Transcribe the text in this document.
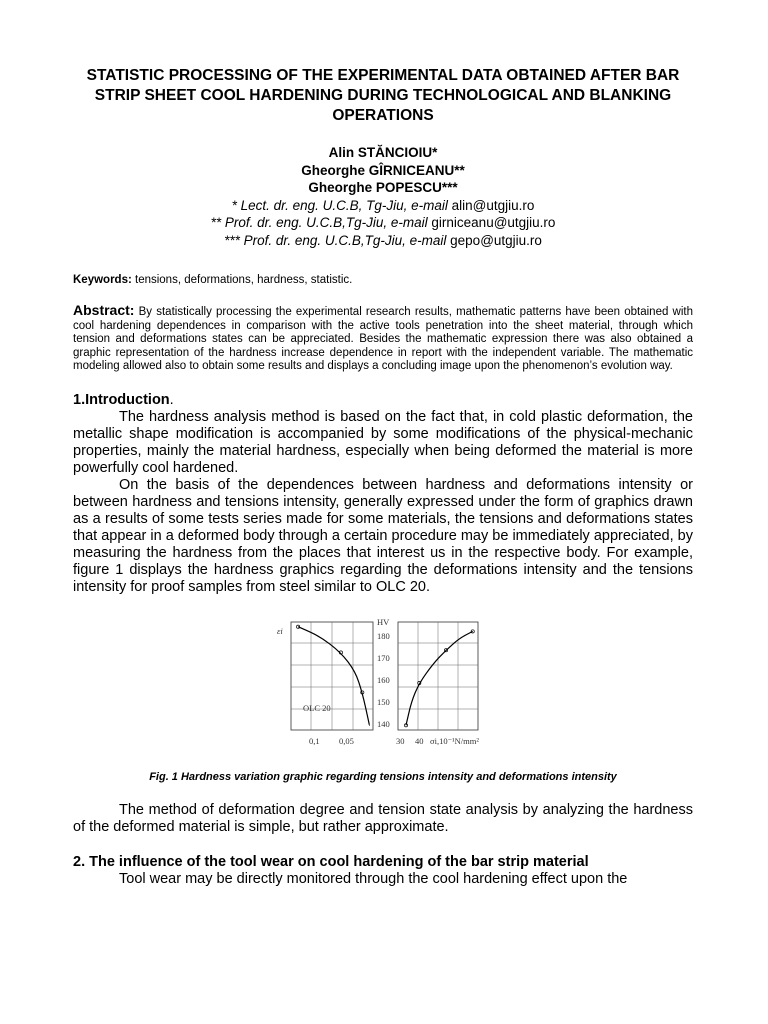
STATISTIC PROCESSING OF THE EXPERIMENTAL DATA OBTAINED AFTER BAR STRIP SHEET COOL HARDENING DURING TECHNOLOGICAL AND BLANKING OPERATIONS
Alin STĂNCIOIU*
Gheorghe GÎRNICEANU**
Gheorghe POPESCU***
* Lect. dr. eng. U.C.B, Tg-Jiu, e-mail alin@utgjiu.ro
** Prof. dr. eng. U.C.B,Tg-Jiu, e-mail girniceanu@utgjiu.ro
*** Prof. dr. eng. U.C.B,Tg-Jiu, e-mail gepo@utgjiu.ro
Keywords: tensions, deformations, hardness, statistic.
Abstract: By statistically processing the experimental research results, mathematic patterns have been obtained with cool hardening dependences in comparison with the active tools penetration into the sheet material, through which tension and deformations states can be appreciated. Besides the mathematic expression there was also obtained a graphic representation of the hardness increase dependence in report with the independent variable. The mathematic modeling allowed also to obtain some results and displays a concluding image upon the phenomenon’s evolution way.
1.Introduction.

The hardness analysis method is based on the fact that, in cold plastic deformation, the metallic shape modification is accompanied by some modifications of the physical-mechanic properties, mainly the material hardness, especially when being deformed the material is more powerfully cool hardened.

On the basis of the dependences between hardness and deformations intensity or between hardness and tensions intensity, generally expressed under the form of graphics drawn as a results of some tests series made for some materials, the tensions and deformations states that appear in a deformed body through a certain procedure may be immediately appreciated, by measuring the hardness from the places that interest us in the respective body. For example, figure 1 displays the hardness graphics regarding the deformations intensity and the tensions intensity for proof samples from steel similar to OLC 20.

εi
HV
180
170
160
150
140
OLC 20
0,1 0,05	30 40 σi,10⁻¹N/mm²
Fig. 1 Hardness variation graphic regarding tensions intensity and deformations intensity

The method of deformation degree and tension state analysis by analyzing the hardness of the deformed material is simple, but rather approximate.

2. The influence of the tool wear on cool hardening of the bar strip material

Tool wear may be directly monitored through the cool hardening effect upon the
